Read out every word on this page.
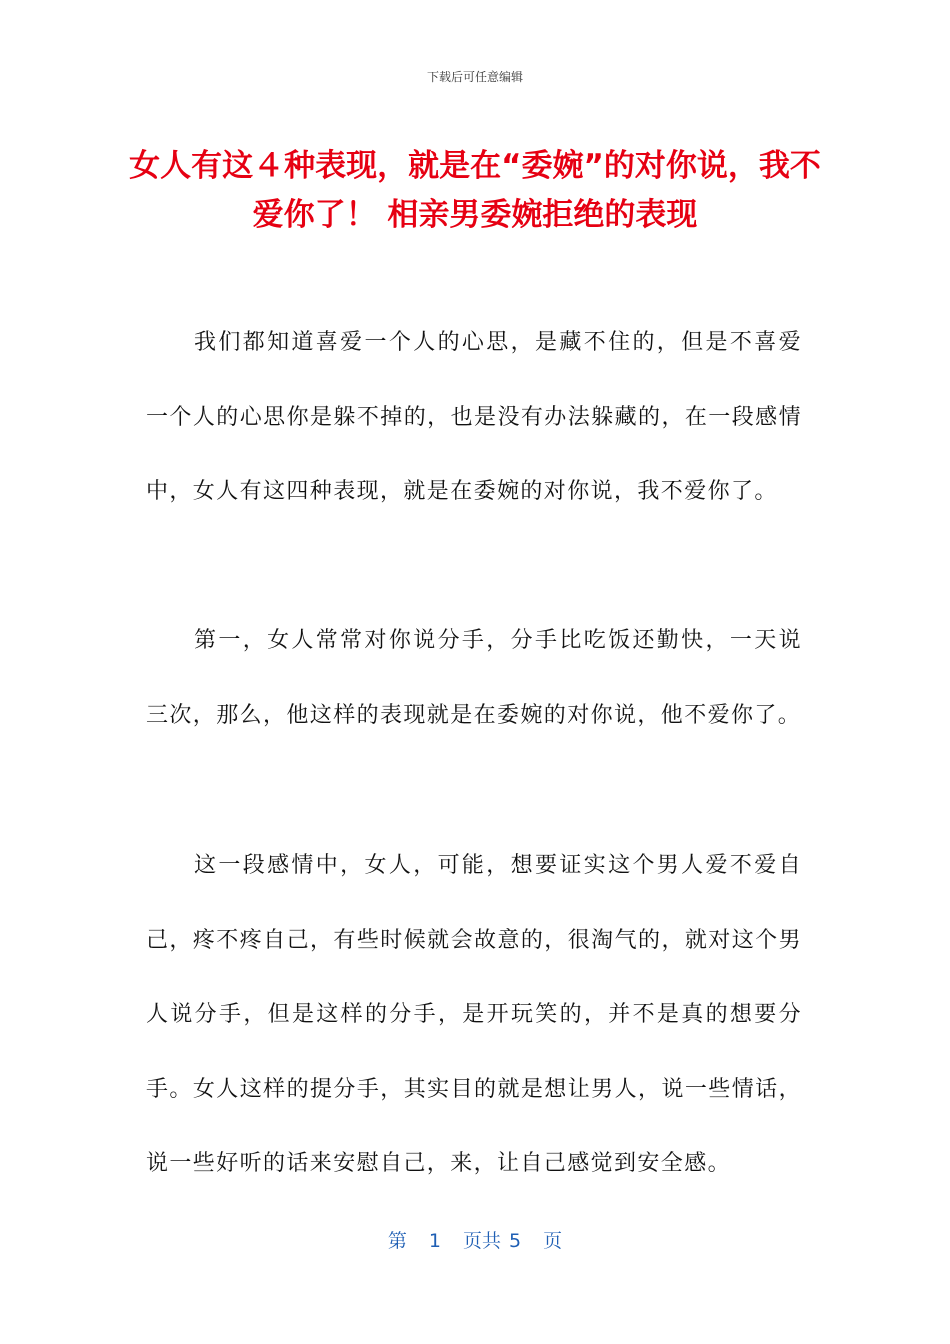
下载后可任意编辑
女人有这４种表现，就是在“委婉”的对你说，我不爱你了！ 相亲男委婉拒绝的表现

我们都知道喜爱一个人的心思，是藏不住的，但是不喜爱一个人的心思你是躲不掉的，也是没有办法躲藏的，在一段感情中，女人有这四种表现，就是在委婉的对你说，我不爱你了。

第一，女人常常对你说分手，分手比吃饭还勤快，一天说三次，那么，他这样的表现就是在委婉的对你说，他不爱你了。

这一段感情中，女人，可能，想要证实这个男人爱不爱自己，疼不疼自己，有些时候就会故意的，很淘气的，就对这个男人说分手，但是这样的分手，是开玩笑的，并不是真的想要分手。女人这样的提分手，其实目的就是想让男人，说一些情话，说一些好听的话来安慰自己，来，让自己感觉到安全感。

第 1 页共 5 页
